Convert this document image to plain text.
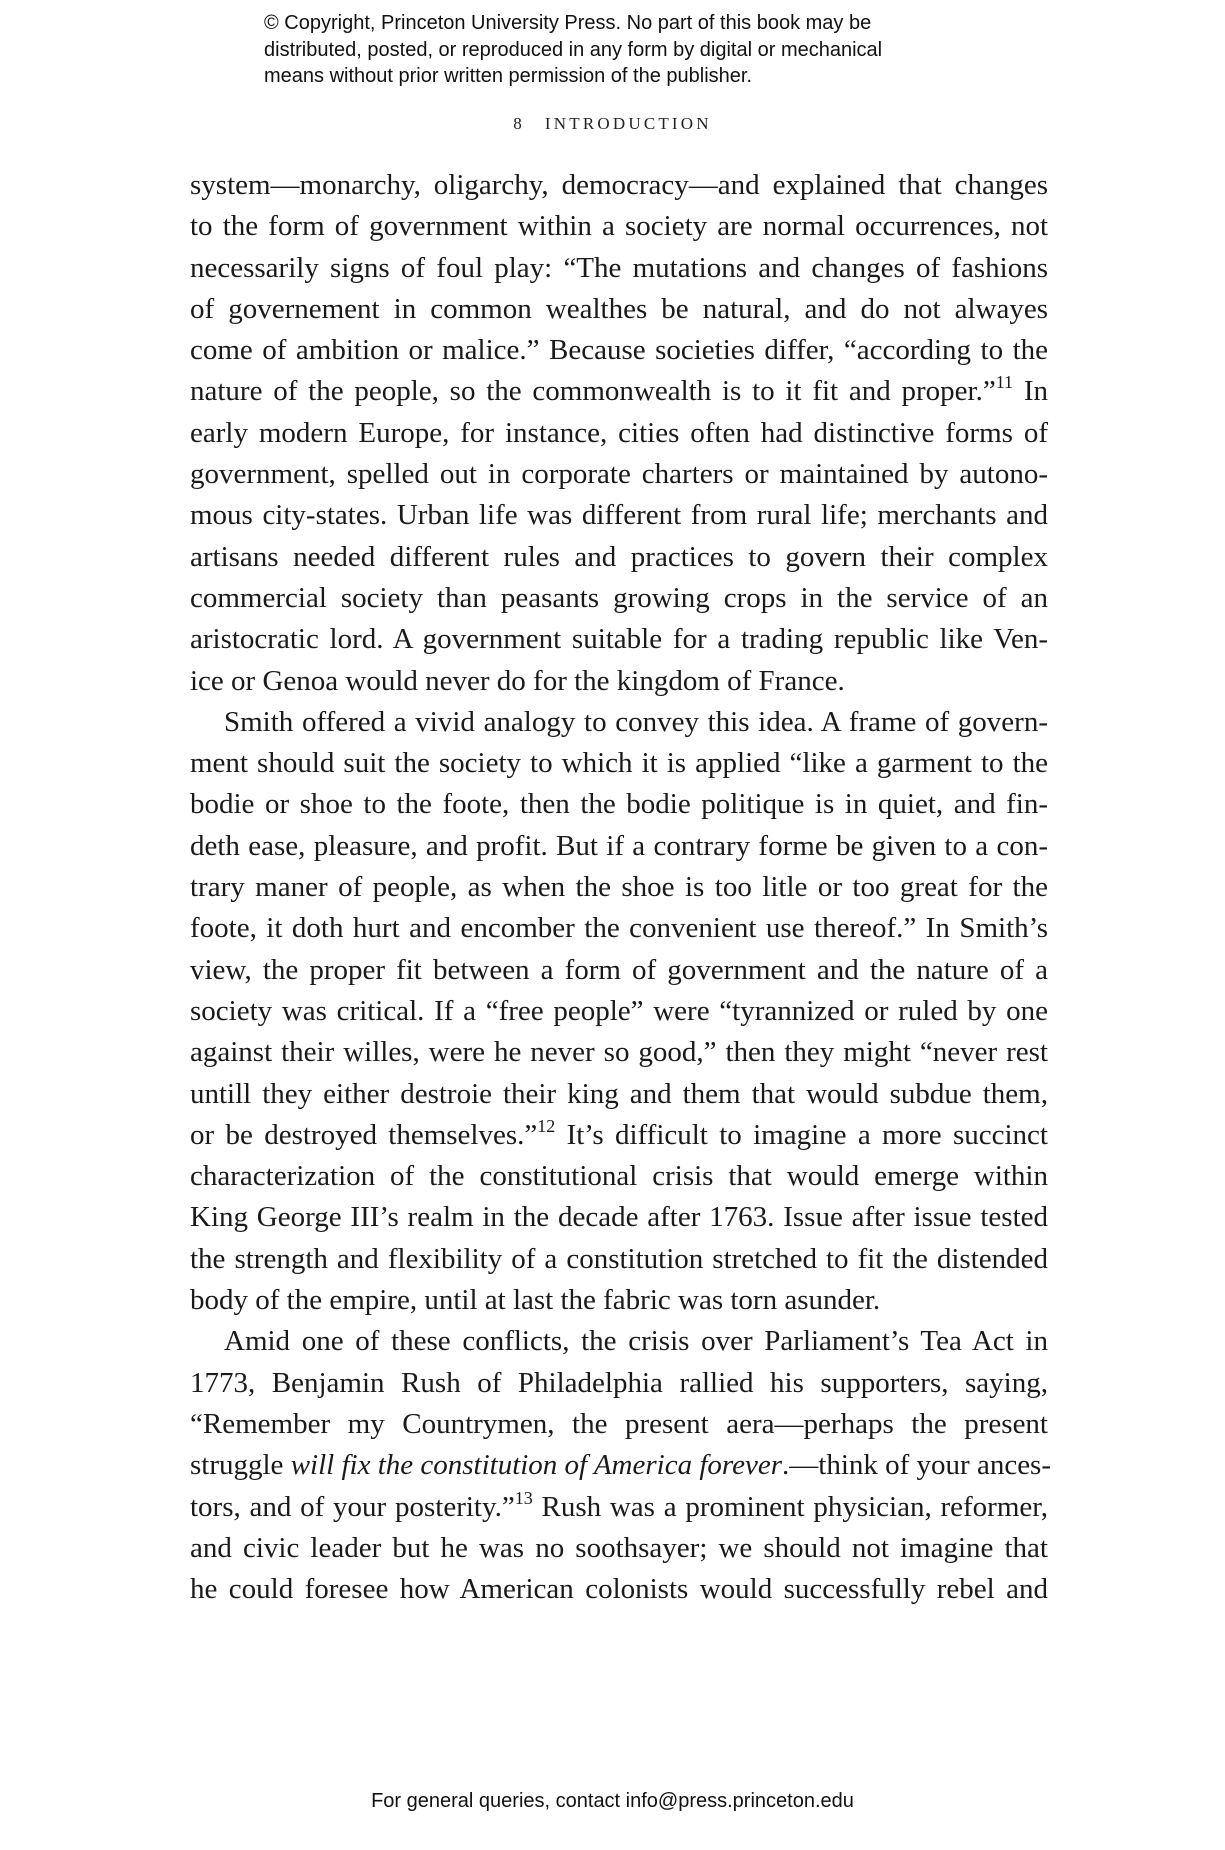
© Copyright, Princeton University Press. No part of this book may be
distributed, posted, or reproduced in any form by digital or mechanical
means without prior written permission of the publisher.
8 INTRODUCTION
system—monarchy, oligarchy, democracy—and explained that changes
to the form of government within a society are normal occurrences, not
necessarily signs of foul play: “The mutations and changes of fashions
of governement in common wealthes be natural, and do not alwayes
come of ambition or malice.” Because societies differ, “according to the
nature of the people, so the commonwealth is to it fit and proper.”$^{11}$ In
early modern Europe, for instance, cities often had distinctive forms of
government, spelled out in corporate charters or maintained by autono-
mous city-states. Urban life was different from rural life; merchants and
artisans needed different rules and practices to govern their complex
commercial society than peasants growing crops in the service of an
aristocratic lord. A government suitable for a trading republic like Ven-
ice or Genoa would never do for the kingdom of France.
Smith offered a vivid analogy to convey this idea. A frame of govern-
ment should suit the society to which it is applied “like a garment to the
bodie or shoe to the foote, then the bodie politique is in quiet, and fin-
deth ease, pleasure, and profit. But if a contrary forme be given to a con-
trary maner of people, as when the shoe is too litle or too great for the
foote, it doth hurt and encomber the convenient use thereof.” In Smith’s
view, the proper fit between a form of government and the nature of a
society was critical. If a “free people” were “tyrannized or ruled by one
against their willes, were he never so good,” then they might “never rest
untill they either destroie their king and them that would subdue them,
or be destroyed themselves.”$^{12}$ It’s difficult to imagine a more succinct
characterization of the constitutional crisis that would emerge within
King George III’s realm in the decade after 1763. Issue after issue tested
the strength and flexibility of a constitution stretched to fit the distended
body of the empire, until at last the fabric was torn asunder.
Amid one of these conflicts, the crisis over Parliament’s Tea Act in
1773, Benjamin Rush of Philadelphia rallied his supporters, saying,
“Remember my Countrymen, the present aera—perhaps the present
struggle will fix the constitution of America forever.—think of your ances-
tors, and of your posterity.”$^{13}$ Rush was a prominent physician, reformer,
and civic leader but he was no soothsayer; we should not imagine that
he could foresee how American colonists would successfully rebel and
For general queries, contact info@press.princeton.edu
